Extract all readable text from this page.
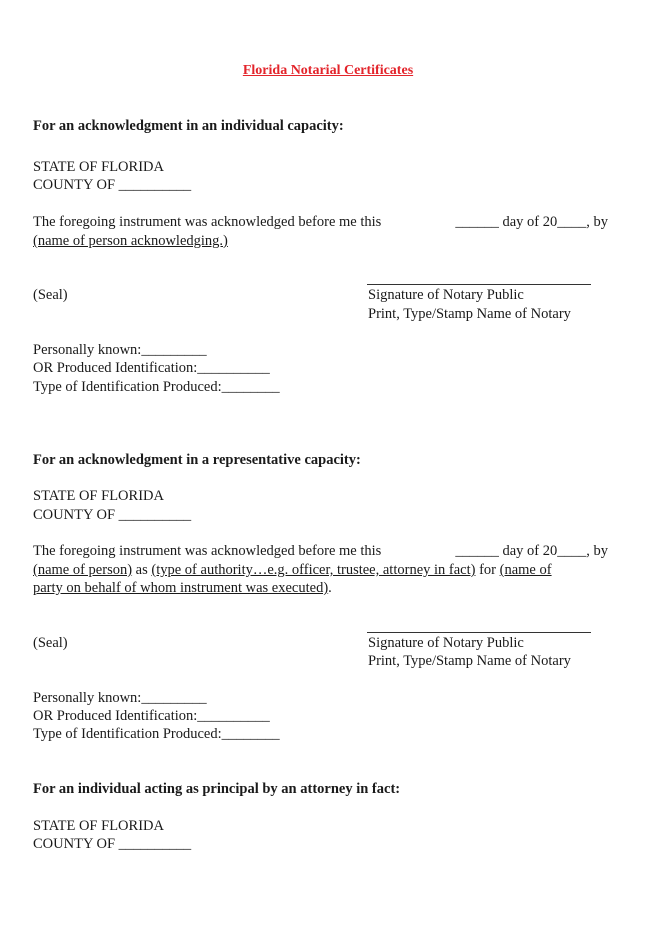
Florida Notarial Certificates
For an acknowledgment in an individual capacity:
STATE OF FLORIDA
COUNTY OF __________
The foregoing instrument was acknowledged before me this	______ day of 20____, by
(name of person acknowledging.)
(Seal)	Signature of Notary Public
Print, Type/Stamp Name of Notary
Personally known:_________
OR Produced Identification:__________
Type of Identification Produced:________
For an acknowledgment in a representative capacity:
STATE OF FLORIDA
COUNTY OF __________
The foregoing instrument was acknowledged before me this	______ day of 20____, by
(name of person) as (type of authority…e.g. officer, trustee, attorney in fact) for (name of
party on behalf of whom instrument was executed).
(Seal)	Signature of Notary Public
Print, Type/Stamp Name of Notary
Personally known:_________
OR Produced Identification:__________
Type of Identification Produced:________
For an individual acting as principal by an attorney in fact:
STATE OF FLORIDA
COUNTY OF __________
